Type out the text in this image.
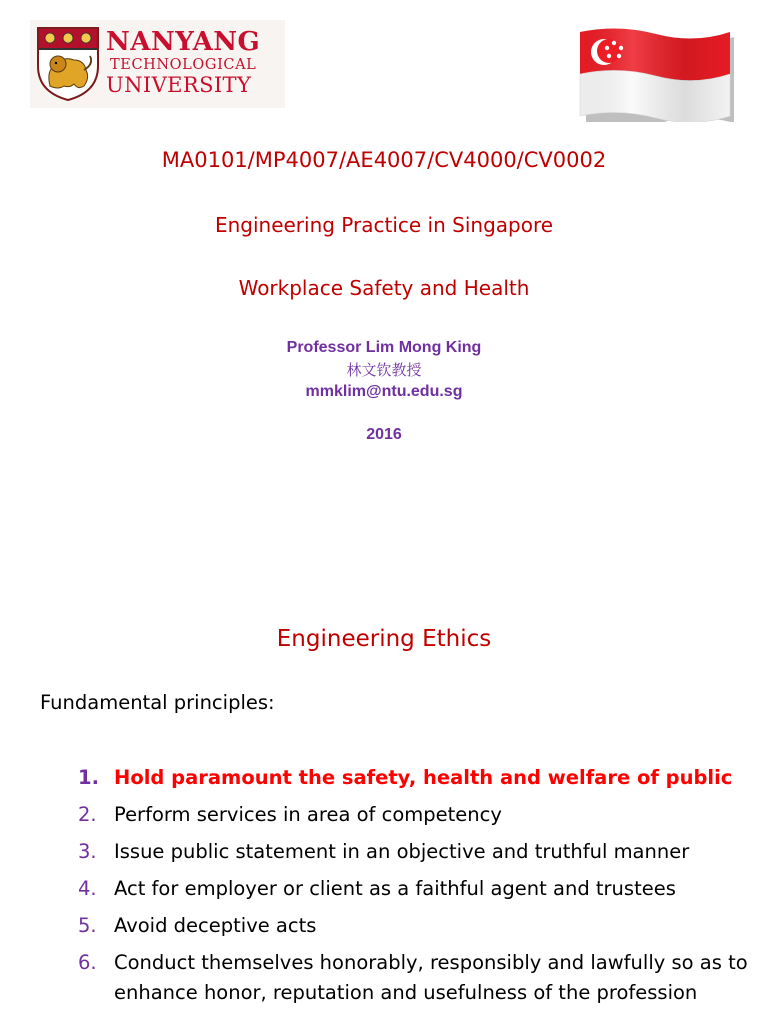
NANYANG
TECHNOLOGICAL
UNIVERSITY
MA0101/MP4007/AE4007/CV4000/CV0002
Engineering Practice in Singapore
Workplace Safety and Health
Professor Lim Mong King
林文钦教授
mmklim@ntu.edu.sg
2016
Engineering Ethics
Fundamental principles:
1. Hold paramount the safety, health and welfare of public
2. Perform services in area of competency
3. Issue public statement in an objective and truthful manner
4. Act for employer or client as a faithful agent and trustees
5. Avoid deceptive acts
6. Conduct themselves honorably, responsibly and lawfully so as to enhance honor, reputation and usefulness of the profession
